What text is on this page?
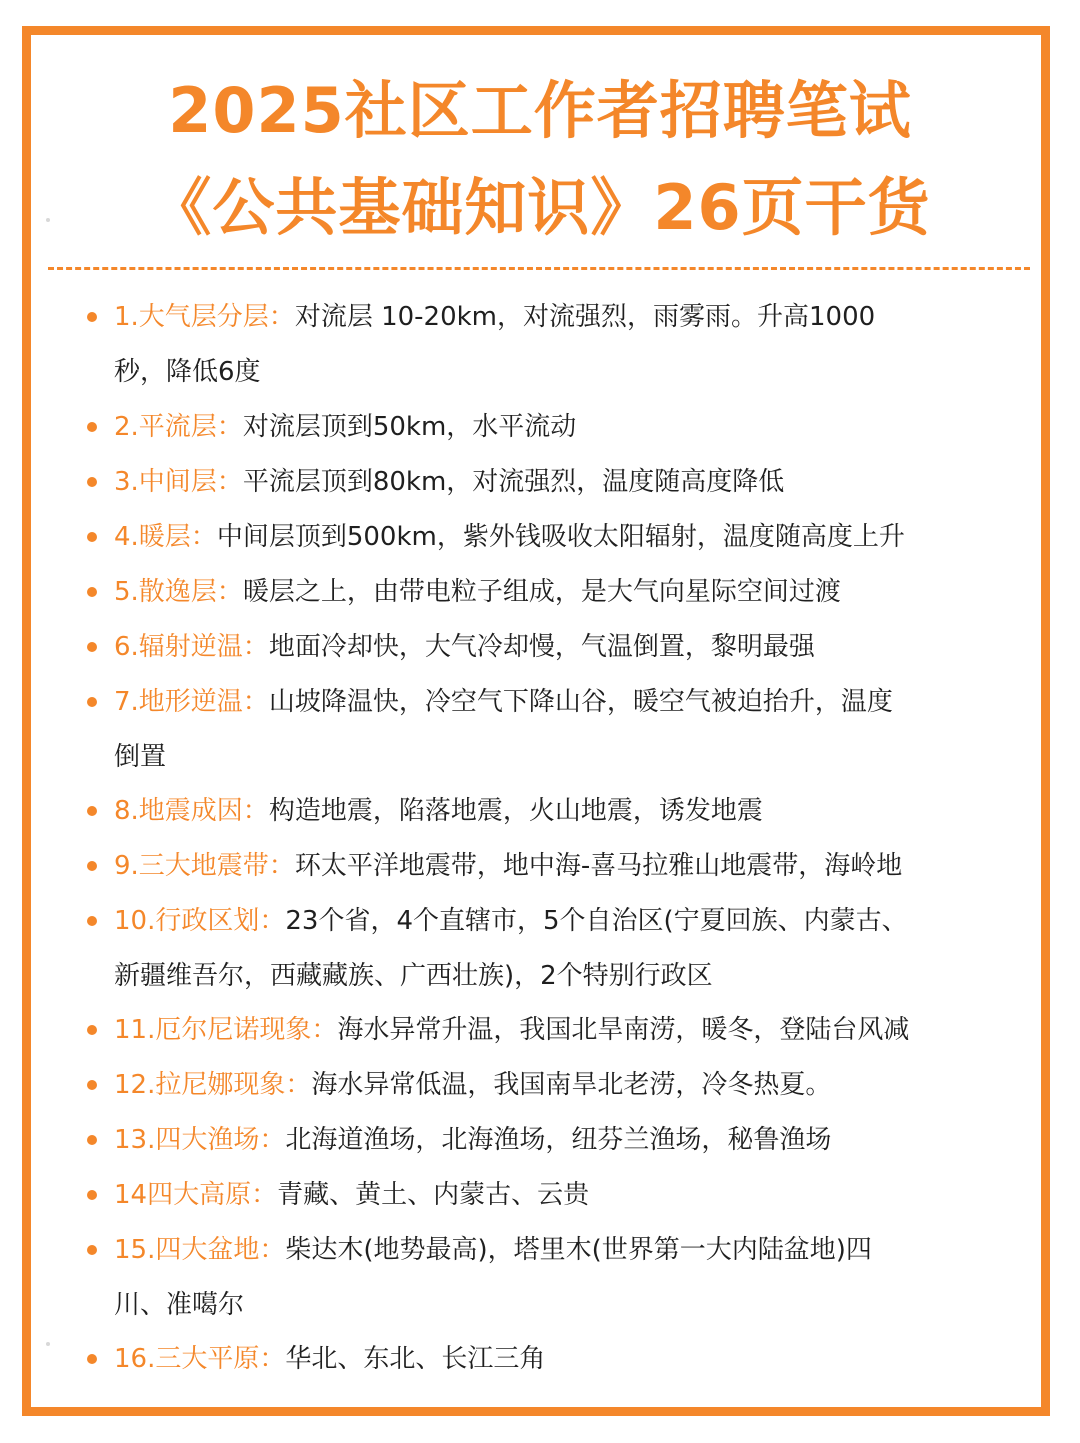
2025社区工作者招聘笔试
《公共基础知识》26页干货
1.大气层分层：对流层 10-20km，对流强烈，雨雾雨。升高1000
秒，降低6度
2.平流层：对流层顶到50km，水平流动
3.中间层：平流层顶到80km，对流强烈，温度随高度降低
4.暖层：中间层顶到500km，紫外钱吸收太阳辐射，温度随高度上升
5.散逸层：暖层之上，由带电粒子组成，是大气向星际空间过渡
6.辐射逆温：地面冷却快，大气冷却慢，气温倒置，黎明最强
7.地形逆温：山坡降温快，冷空气下降山谷，暖空气被迫抬升，温度
倒置
8.地震成因：构造地震，陷落地震，火山地震，诱发地震
9.三大地震带：环太平洋地震带，地中海-喜马拉雅山地震带，海岭地
10.行政区划：23个省，4个直辖市，5个自治区(宁夏回族、内蒙古、
新疆维吾尔，西藏藏族、广西壮族)，2个特别行政区
11.厄尔尼诺现象：海水异常升温，我国北旱南涝，暖冬，登陆台风减
12.拉尼娜现象：海水异常低温，我国南旱北老涝，冷冬热夏。
13.四大渔场：北海道渔场，北海渔场，纽芬兰渔场，秘鲁渔场
14四大高原：青藏、黄土、内蒙古、云贵
15.四大盆地：柴达木(地势最高)，塔里木(世界第一大内陆盆地)四
川、准噶尔
16.三大平原：华北、东北、长江三角
